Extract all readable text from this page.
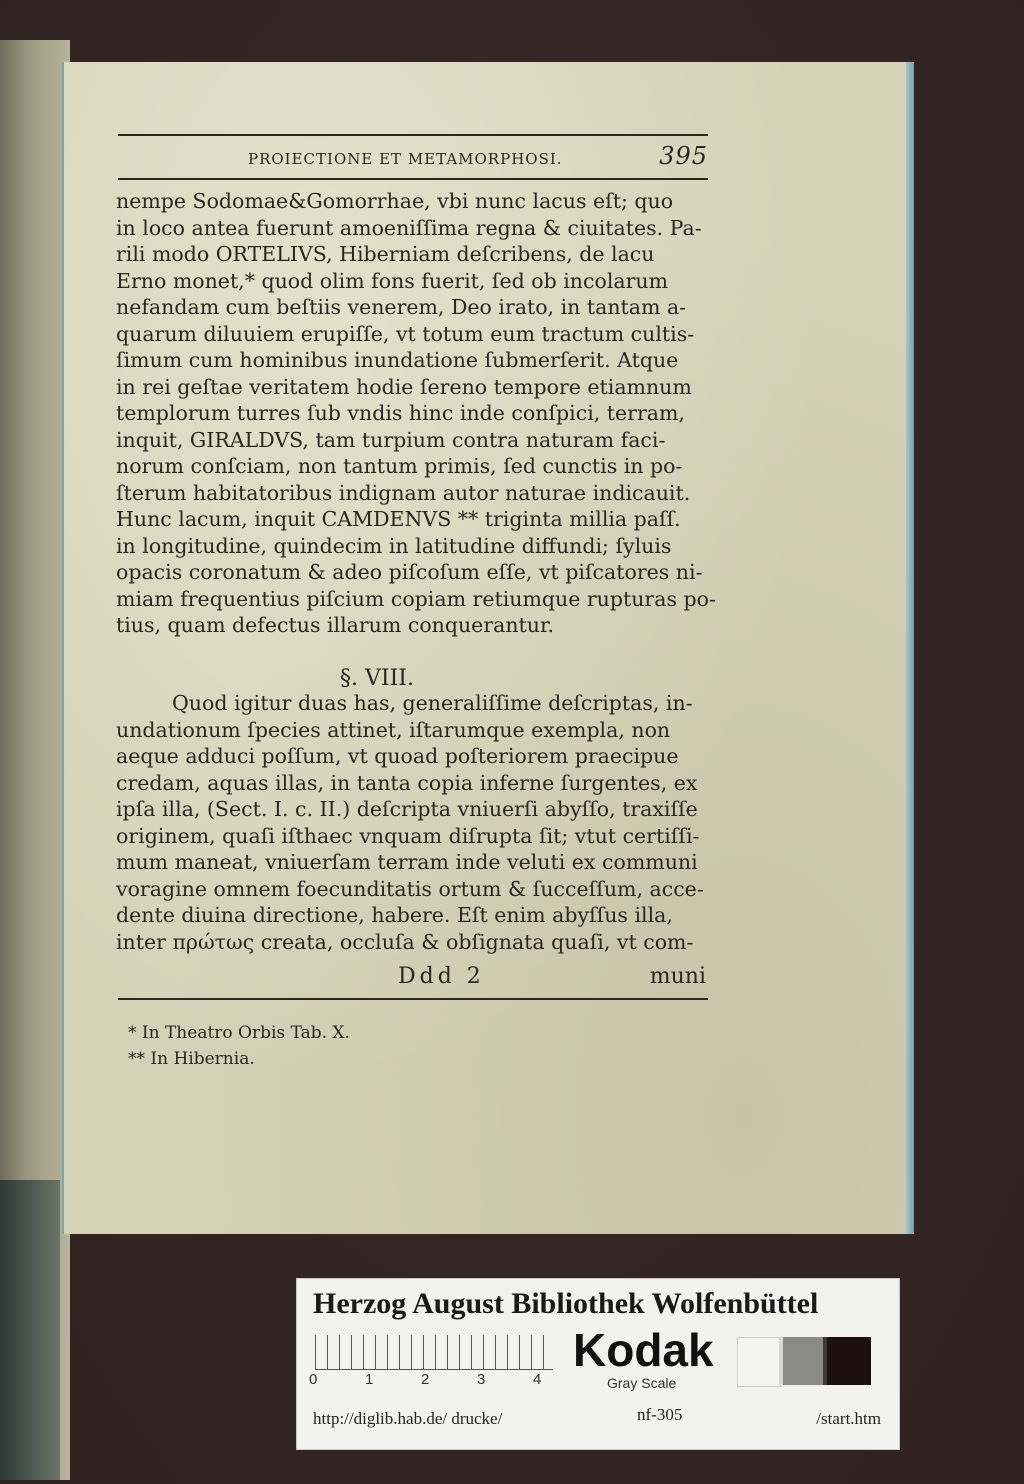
PROIECTIONE ET METAMORPHOSI.	395
nempe Sodomae&Gomorrhae, vbi nunc lacus eſt; quo
in loco antea fuerunt amoeniſſima regna & ciuitates. Pa-
rili modo ORTELIVS, Hiberniam deſcribens, de lacu
Erno monet,* quod olim fons fuerit, ſed ob incolarum
nefandam cum beſtiis venerem, Deo irato, in tantam a-
quarum diluuiem erupiſſe, vt totum eum tractum cultis-
ſimum cum hominibus inundatione ſubmerſerit. Atque
in rei geſtae veritatem hodie ſereno tempore etiamnum
templorum turres ſub vndis hinc inde conſpici, terram,
inquit, GIRALDVS, tam turpium contra naturam faci-
norum conſciam, non tantum primis, ſed cunctis in po-
ſterum habitatoribus indignam autor naturae indicauit.
Hunc lacum, inquit CAMDENVS ** triginta millia paſſ.
in longitudine, quindecim in latitudine diffundi; ſyluis
opacis coronatum & adeo piſcoſum eſſe, vt piſcatores ni-
miam frequentius piſcium copiam retiumque rupturas po-
tius, quam defectus illarum conquerantur.
§. VIII.
Quod igitur duas has, generaliſſime deſcriptas, in-
undationum ſpecies attinet, iſtarumque exempla, non
aeque adduci poſſum, vt quoad poſteriorem praecipue
credam, aquas illas, in tanta copia inferne ſurgentes, ex
ipſa illa, (Sect. I. c. II.) deſcripta vniuerſi abyſſo, traxiſſe
originem, quaſi iſthaec vnquam diſrupta ſit; vtut certiſſi-
mum maneat, vniuerſam terram inde veluti ex communi
voragine omnem foecunditatis ortum & ſucceſſum, acce-
dente diuina directione, habere. Eſt enim abyſſus illa,
inter πρώτως creata, occluſa & obſignata quaſi, vt com-
Ddd 2	muni
* In Theatro Orbis Tab. X.
** In Hibernia.
Herzog August Bibliothek Wolfenbüttel
0	1	2	3	4
Kodak
Gray Scale
http://diglib.hab.de/ drucke/	nf-305	/start.htm
